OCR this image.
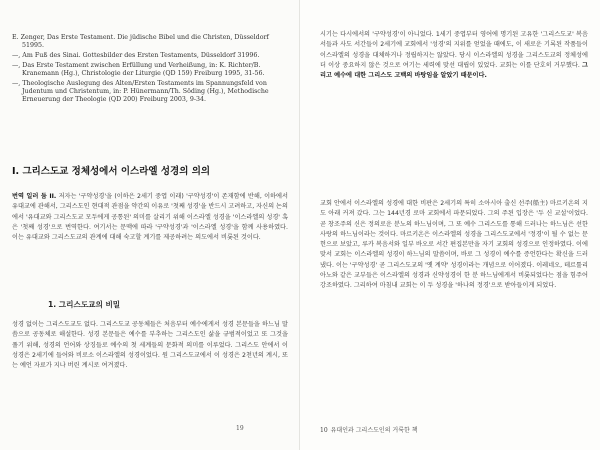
E. Zenger, Das Erste Testament. Die jüdische Bibel und die Christen, Düsseldorf 51995.

—, Am Fuß des Sinai. Gottesbilder des Ersten Testaments, Düsseldorf 31996.

—, Das Erste Testament zwischen Erfüllung und Verheißung, in: K. Richter/B. Kranemann (Hg.), Christologie der Liturgie (QD 159) Freiburg 1995, 31-56.

—, Theologische Auslegung des Alten/Ersten Testaments im Spannungsfeld von Judentum und Christentum, in: P. Hünermann/Th. Söding (Hg.), Methodische Erneuerung der Theologie (QD 200) Freiburg 2003, 9-34.

I. 그리스도교 정체성에서 이스라엘 성경의 의의

번역 일러 둠 II. 저자는 '구약성경'을 (이하은 2세기 중엽 이래) '구약성경'이 존재함에 반해, 이하에서 유대교에 관해서, 그리스도인 현대적 관점을 약간의 이유로 '첫째 성경'을 반드시 고려하고, 자신의 논의에서 '유대교와 그리스도교 모두에게 공통된' 의미를 살리기 위해 이스라엘 성경을 '이스라엘의 성경' 혹은 '첫째 성경'으로 번역한다. 여기서는 문맥에 따라 '구약성경'과 '이스라엘 성경'을 함께 사용하였다. 이는 유대교와 그리스도교의 관계에 대해 숙고할 계기를 제공하려는 의도에서 비롯된 것이다.

1. 그리스도교의 비밀

성경 없이는 그리스도교도 없다. 그리스도교 공동체들은 처음부터 예수에게서 성경 본문들을 하느님 말씀으로 공동체로 해설한다. 성경 본문들은 예수를 부추하는 그리스도인 삶을 규범적이었고 또 그것을 풀기 위해, 성경의 언어와 상징들로 예수의 첫 세계들의 문화적 의미를 이루었다. 그리스도 안에서 이 성경은 2세기에 들어와 비로소 이스라엘의 성경이었다. 원 그리스도교에서 이 성경은 2천년의 계시, 또는 예언 자료가 지나 버린 계시로 여겨졌다.

19

시기는 다시에서의 '구약성경'이 아니었다. 1세기 중엽부터 영어에 명기된 고유한 '그리스도교' 복음서들과 사도 서간들이 2세기에 교회에서 '성경'의 지위를 얻었을 때에도, 이 새로운 기록된 작품들이 이스라엘의 성경을 대체하거나 정립하지는 않았다. 당시 이스라엘의 성경을 그리스도교의 정체성에 더 이상 중요하지 않은 것으로 여기는 세력에 맞선 대립이 있었다. 교회는 이를 단호히 거부했다. 그리고 예수에 대한 그리스도 고백의 바탕임을 알았기 때문이다.

교회 안에서 이스라엘의 성경에 대한 비판은 2세기의 특히 소아시아 출신 선주(船主) 마르키온의 지도 아래 커져 갔다. 그는 144년경 로마 교회에서 파문되었다. 그의 주된 입장은 '두 신 교설'이었다. 곧 창조주의 신은 정의로운 분노의 하느님이며, 그 또 예수 그리스도를 통해 드러나는 하느님은 선한 사랑의 하느님이라는 것이다. 마르키온은 이스라엘의 성경을 그리스도교에서 '정경'이 될 수 없는 문헌으로 보았고, 루카 복음서와 일부 바오로 서간 편집본만을 자기 교회의 성경으로 인정하였다. 이에 맞서 교회는 이스라엘의 성경이 하느님의 말씀이며, 바로 그 성경이 예수를 증언한다는 확신을 드러냈다. 이는 '구약성경' 곧 그리스도교의 '옛 계약' 성경이라는 개념으로 이어졌다. 이레네오, 테르툴리아노와 같은 교부들은 이스라엘의 성경과 신약성경이 한 분 하느님에게서 비롯되었다는 점을 힘주어 강조하였다. 그리하여 마침내 교회는 이 두 성경을 '하나의 정경'으로 받아들이게 되었다.

10 유대인과 그리스도인의 거룩한 책
